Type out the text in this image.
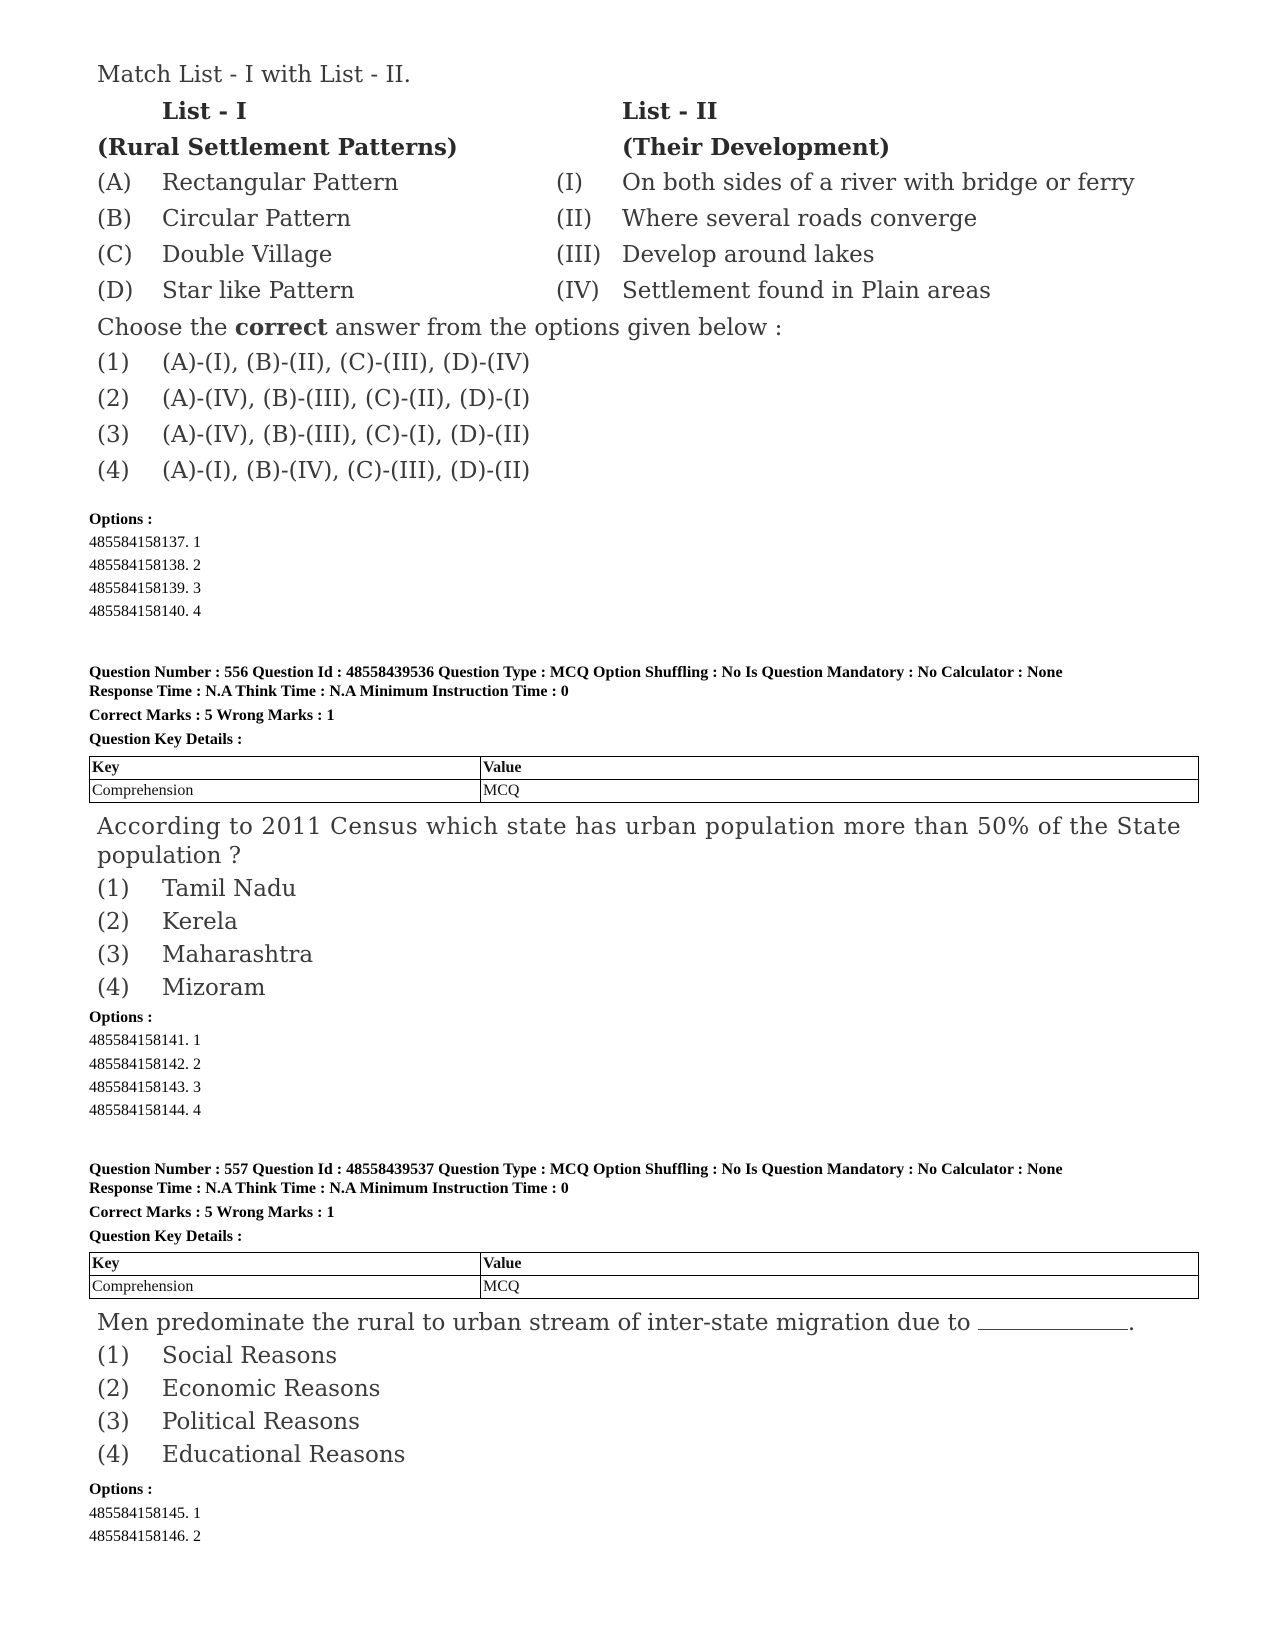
Match List - I with List - II.
List - I	List - II
(Rural Settlement Patterns)	(Their Development)
(A) Rectangular Pattern	(I) On both sides of a river with bridge or ferry
(B) Circular Pattern	(II) Where several roads converge
(C) Double Village	(III) Develop around lakes
(D) Star like Pattern	(IV) Settlement found in Plain areas
Choose the correct answer from the options given below :
(1) (A)-(I), (B)-(II), (C)-(III), (D)-(IV)
(2) (A)-(IV), (B)-(III), (C)-(II), (D)-(I)
(3) (A)-(IV), (B)-(III), (C)-(I), (D)-(II)
(4) (A)-(I), (B)-(IV), (C)-(III), (D)-(II)
Options :
485584158137. 1
485584158138. 2
485584158139. 3
485584158140. 4
Question Number : 556 Question Id : 48558439536 Question Type : MCQ Option Shuffling : No Is Question Mandatory : No Calculator : None
Response Time : N.A Think Time : N.A Minimum Instruction Time : 0
Correct Marks : 5 Wrong Marks : 1
Question Key Details :
Key	Value
Comprehension	MCQ
According to 2011 Census which state has urban population more than 50% of the State
population ?
(1) Tamil Nadu
(2) Kerela
(3) Maharashtra
(4) Mizoram
Options :
485584158141. 1
485584158142. 2
485584158143. 3
485584158144. 4
Question Number : 557 Question Id : 48558439537 Question Type : MCQ Option Shuffling : No Is Question Mandatory : No Calculator : None
Response Time : N.A Think Time : N.A Minimum Instruction Time : 0
Correct Marks : 5 Wrong Marks : 1
Question Key Details :
Key	Value
Comprehension	MCQ
Men predominate the rural to urban stream of inter-state migration due to	.
(1) Social Reasons
(2) Economic Reasons
(3) Political Reasons
(4) Educational Reasons
Options :
485584158145. 1
485584158146. 2
